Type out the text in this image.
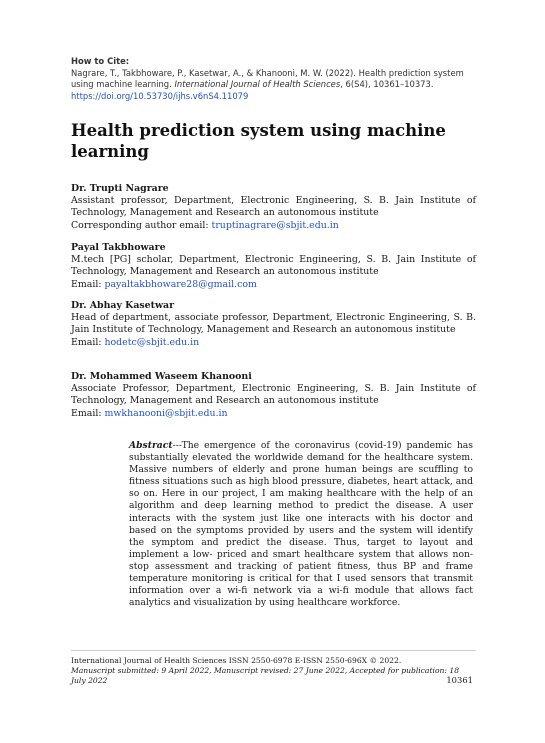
How to Cite:
Nagrare, T., Takbhoware, P., Kasetwar, A., & Khanooni, M. W. (2022). Health prediction system using machine learning. International Journal of Health Sciences, 6(S4), 10361–10373. https://doi.org/10.53730/ijhs.v6nS4.11079
Health prediction system using machine learning
Dr. Trupti Nagrare
Assistant professor, Department, Electronic Engineering, S. B. Jain Institute of Technology, Management and Research an autonomous institute
Corresponding author email: truptinagrare@sbjit.edu.in
Payal Takbhoware
M.tech [PG] scholar, Department, Electronic Engineering, S. B. Jain Institute of Technology, Management and Research an autonomous institute
Email: payaltakbhoware28@gmail.com
Dr. Abhay Kasetwar
Head of department, associate professor, Department, Electronic Engineering, S. B. Jain Institute of Technology, Management and Research an autonomous institute
Email: hodetc@sbjit.edu.in
Dr. Mohammed Waseem Khanooni
Associate Professor, Department, Electronic Engineering, S. B. Jain Institute of Technology, Management and Research an autonomous institute
Email: mwkhanooni@sbjit.edu.in

Abstract---The emergence of the coronavirus (covid-19) pandemic has substantially elevated the worldwide demand for the healthcare system. Massive numbers of elderly and prone human beings are scuffling to fitness situations such as high blood pressure, diabetes, heart attack, and so on. Here in our project, I am making healthcare with the help of an algorithm and deep learning method to predict the disease. A user interacts with the system just like one interacts with his doctor and based on the symptoms provided by users and the system will identify the symptom and predict the disease. Thus, target to layout and implement a low- priced and smart healthcare system that allows non-stop assessment and tracking of patient fitness, thus BP and frame temperature monitoring is critical for that I used sensors that transmit information over a wi-fi network via a wi-fi module that allows fact analytics and visualization by using healthcare workforce.

International Journal of Health Sciences ISSN 2550-6978 E-ISSN 2550-696X © 2022.
Manuscript submitted: 9 April 2022, Manuscript revised: 27 June 2022, Accepted for publication: 18 July 2022	10361
